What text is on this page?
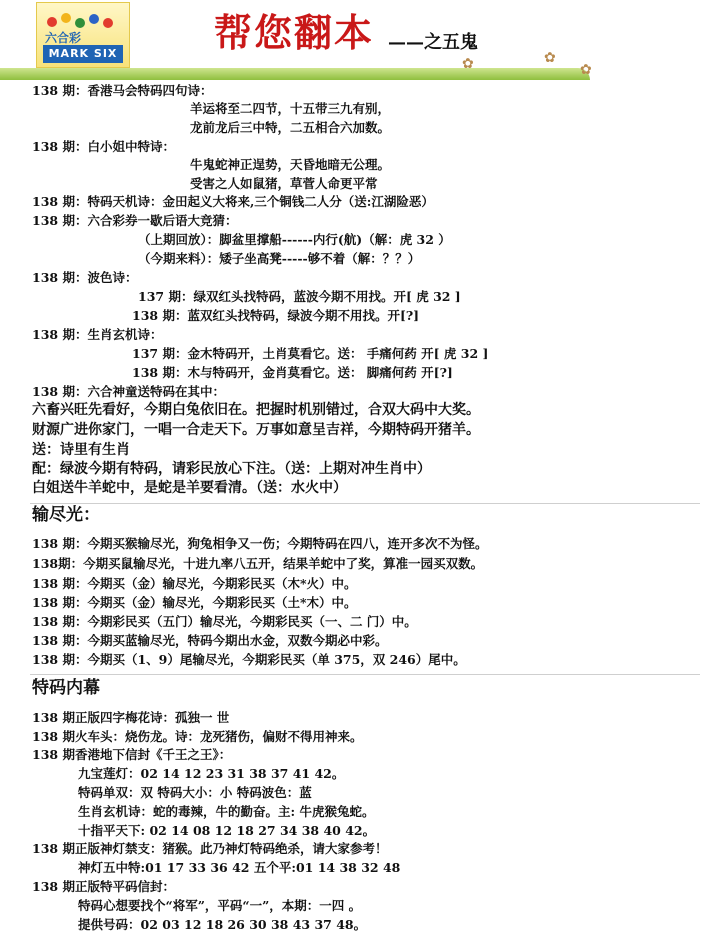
六合彩
MARK SIX	帮您翻本 ——之五鬼

✿	✿
✿
138 期：香港马会特码四句诗：
羊运将至二四节，十五带三九有别，
龙前龙后三中特，二五相合六加数。
138 期：白小姐中特诗：
牛鬼蛇神正逞势，天昏地暗无公理。
受害之人如鼠猪，草菅人命更平常
138 期：特码天机诗：金田起义大将来,三个铜钱二人分（送:江湖险恶）
138 期：六合彩券一歇后语大竞猜：
（上期回放）：脚盆里撑船------内行(航)（解：虎 32 ）
（今期来料）：矮子坐高凳-----够不着（解：？？）
138 期：波色诗：
137 期：绿双红头找特码，蓝波今期不用找。开[ 虎 32 ]
138 期：蓝双红头找特码，绿波今期不用找。开[?]
138 期：生肖玄机诗：
137 期：金木特码开，土肖莫看它。送： 手痛何药 开[ 虎 32 ]
138 期：木与特码开，金肖莫看它。送： 脚痛何药 开[?]
138 期：六合神童送特码在其中：
六畜兴旺先看好，今期白兔依旧在。把握时机别错过，合双大码中大奖。
财源广进你家门，一唱一合走天下。万事如意呈吉祥，今期特码开猪羊。
送：诗里有生肖
配：绿波今期有特码，请彩民放心下注。（送：上期对冲生肖中）
白姐送牛羊蛇中，是蛇是羊要看清。（送：水火中）
输尽光：
138 期：今期买猴输尽光，狗兔相争又一伤；今期特码在四八，连开多次不为怪。
138期：今期买鼠输尽光，十进九率八五开，结果羊蛇中了奖，算准一园买双数。
138 期：今期买（金）输尽光，今期彩民买（木*火）中。
138 期：今期买（金）输尽光，今期彩民买（土*木）中。
138 期：今期彩民买（五门）输尽光，今期彩民买（一、二 门）中。
138 期：今期买蓝输尽光，特码今期出水金，双数今期必中彩。
138 期：今期买（1、9）尾输尽光，今期彩民买（单 375，双 246）尾中。
特码内幕
138 期正版四字梅花诗：孤独一 世
138 期火车头：烧伤龙。诗：龙死猪伤，偏财不得用神来。
138 期香港地下信封《千王之王》：
九宝莲灯：02 14 12 23 31 38 37 41 42。
特码单双：双 特码大小：小 特码波色：蓝
生肖玄机诗：蛇的毒辣，牛的勤奋。主: 牛虎猴兔蛇。
十指平天下: 02 14 08 12 18 27 34 38 40 42。
138 期正版神灯禁支：猪猴。此乃神灯特码绝杀，请大家参考！
神灯五中特:01 17 33 36 42 五个平:01 14 38 32 48
138 期正版特平码信封：
特码心想要找个“将军”，平码“一”，本期：一四 。
提供号码：02 03 12 18 26 30 38 43 37 48。
